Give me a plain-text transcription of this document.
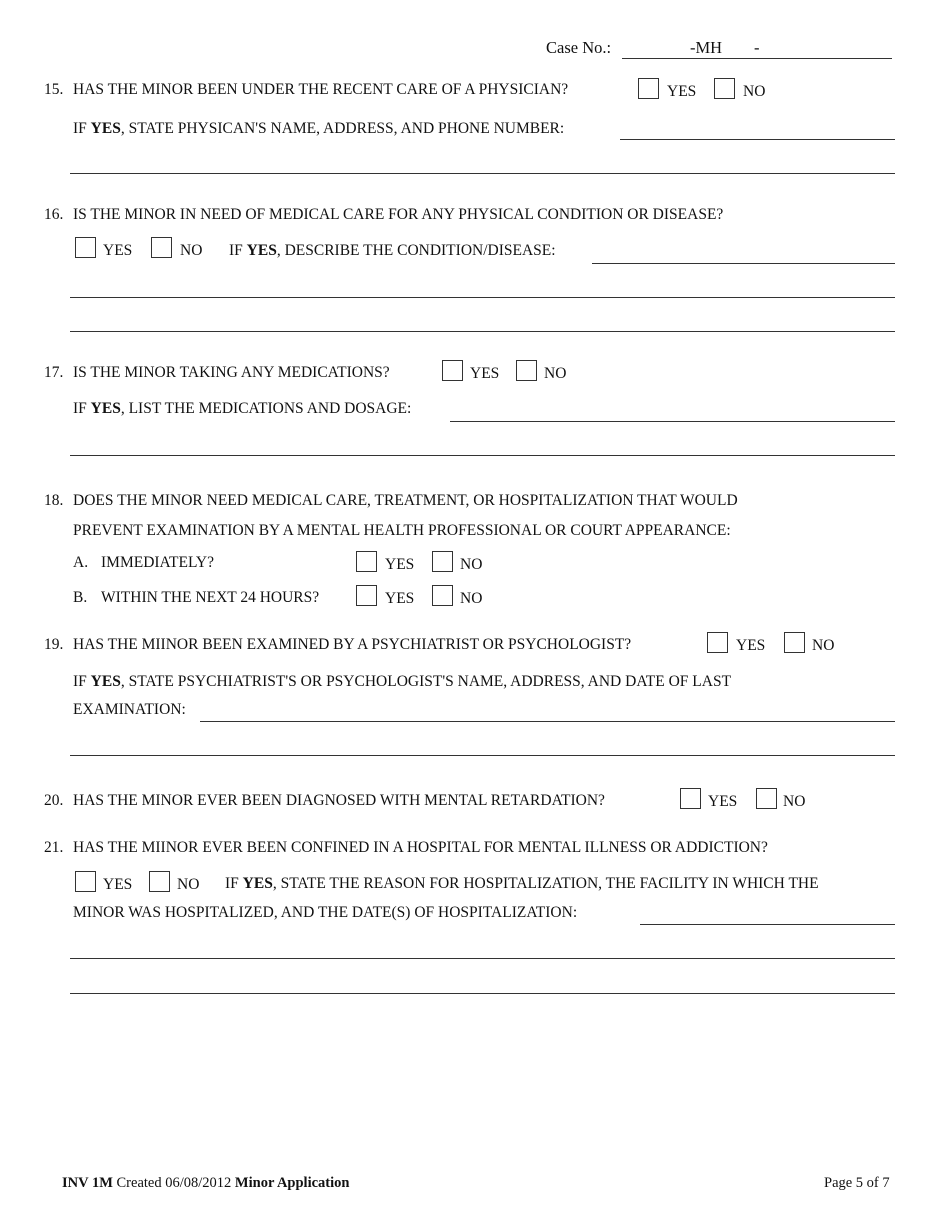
Case No.:	-MH -
15. HAS THE MINOR BEEN UNDER THE RECENT CARE OF A PHYSICIAN?	YES	NO
IF YES, STATE PHYSICAN'S NAME, ADDRESS, AND PHONE NUMBER:
16. IS THE MINOR IN NEED OF MEDICAL CARE FOR ANY PHYSICAL CONDITION OR DISEASE?
YES	NO IF YES, DESCRIBE THE CONDITION/DISEASE:
17. IS THE MINOR TAKING ANY MEDICATIONS?	YES	NO
IF YES, LIST THE MEDICATIONS AND DOSAGE:
18. DOES THE MINOR NEED MEDICAL CARE, TREATMENT, OR HOSPITALIZATION THAT WOULD
PREVENT EXAMINATION BY A MENTAL HEALTH PROFESSIONAL OR COURT APPEARANCE:
A. IMMEDIATELY?	YES	NO
B. WITHIN THE NEXT 24 HOURS?	YES	NO
19. HAS THE MIINOR BEEN EXAMINED BY A PSYCHIATRIST OR PSYCHOLOGIST?	YES	NO
IF YES, STATE PSYCHIATRIST'S OR PSYCHOLOGIST'S NAME, ADDRESS, AND DATE OF LAST
EXAMINATION:
20. HAS THE MINOR EVER BEEN DIAGNOSED WITH MENTAL RETARDATION?	YES	NO
21. HAS THE MIINOR EVER BEEN CONFINED IN A HOSPITAL FOR MENTAL ILLNESS OR ADDICTION?
YES	NO IF YES, STATE THE REASON FOR HOSPITALIZATION, THE FACILITY IN WHICH THE
MINOR WAS HOSPITALIZED, AND THE DATE(S) OF HOSPITALIZATION:
INV 1M Created 06/08/2012 Minor Application	Page 5 of 7
